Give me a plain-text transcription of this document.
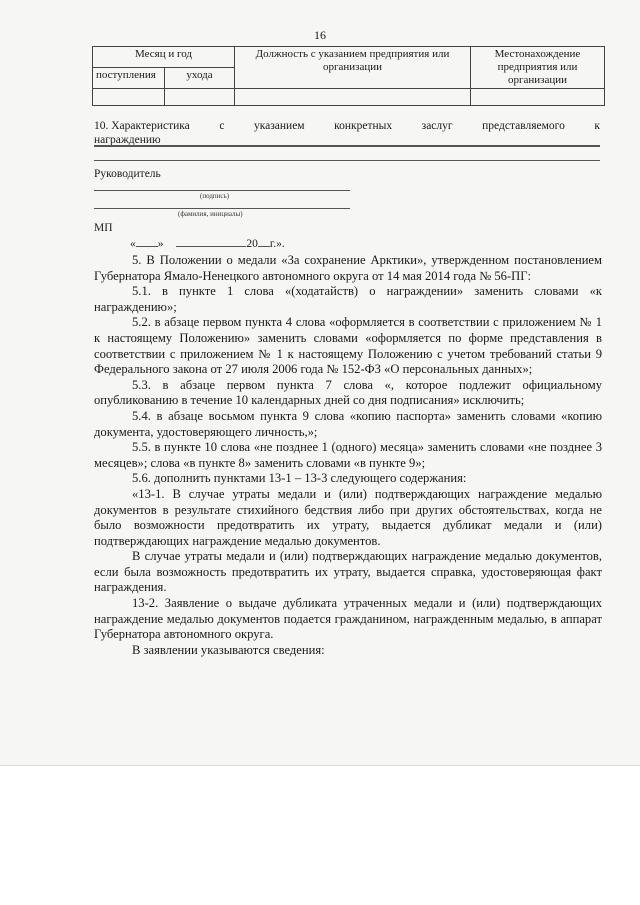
16
Месяц и год		Должность с указанием предприятия или организации	Местонахождение предприятия или организации
поступления	ухода		

10. Характеристика	с	указанием	конкретных	заслуг	представляемого	к
награждению
Руководитель
(подпись)
(фамилия, инициалы)
МП
« »	20 г.».

5. В Положении о медали «За сохранение Арктики», утвержденном постановлением Губернатора Ямало-Ненецкого автономного округа от 14 мая 2014 года № 56-ПГ:

5.1. в пункте 1 слова «(ходатайств) о награждении» заменить словами «к награждению»;

5.2. в абзаце первом пункта 4 слова «оформляется в соответствии с приложением № 1 к настоящему Положению» заменить словами «оформляется по форме представления в соответствии с приложением № 1 к настоящему Положению с учетом требований статьи 9 Федерального закона от 27 июля 2006 года № 152-ФЗ «О персональных данных»;

5.3. в абзаце первом пункта 7 слова «, которое подлежит официальному опубликованию в течение 10 календарных дней со дня подписания» исключить;

5.4. в абзаце восьмом пункта 9 слова «копию паспорта» заменить словами «копию документа, удостоверяющего личность,»;

5.5. в пункте 10 слова «не позднее 1 (одного) месяца» заменить словами «не позднее 3 месяцев»; слова «в пункте 8» заменить словами «в пункте 9»;

5.6. дополнить пунктами 13-1 – 13-3 следующего содержания:

«13-1. В случае утраты медали и (или) подтверждающих награждение медалью документов в результате стихийного бедствия либо при других обстоятельствах, когда не было возможности предотвратить их утрату, выдается дубликат медали и (или) подтверждающих награждение медалью документов.

В случае утраты медали и (или) подтверждающих награждение медалью документов, если была возможность предотвратить их утрату, выдается справка, удостоверяющая факт награждения.

13-2. Заявление о выдаче дубликата утраченных медали и (или) подтверждающих награждение медалью документов подается гражданином, награжденным медалью, в аппарат Губернатора автономного округа.

В заявлении указываются сведения:
